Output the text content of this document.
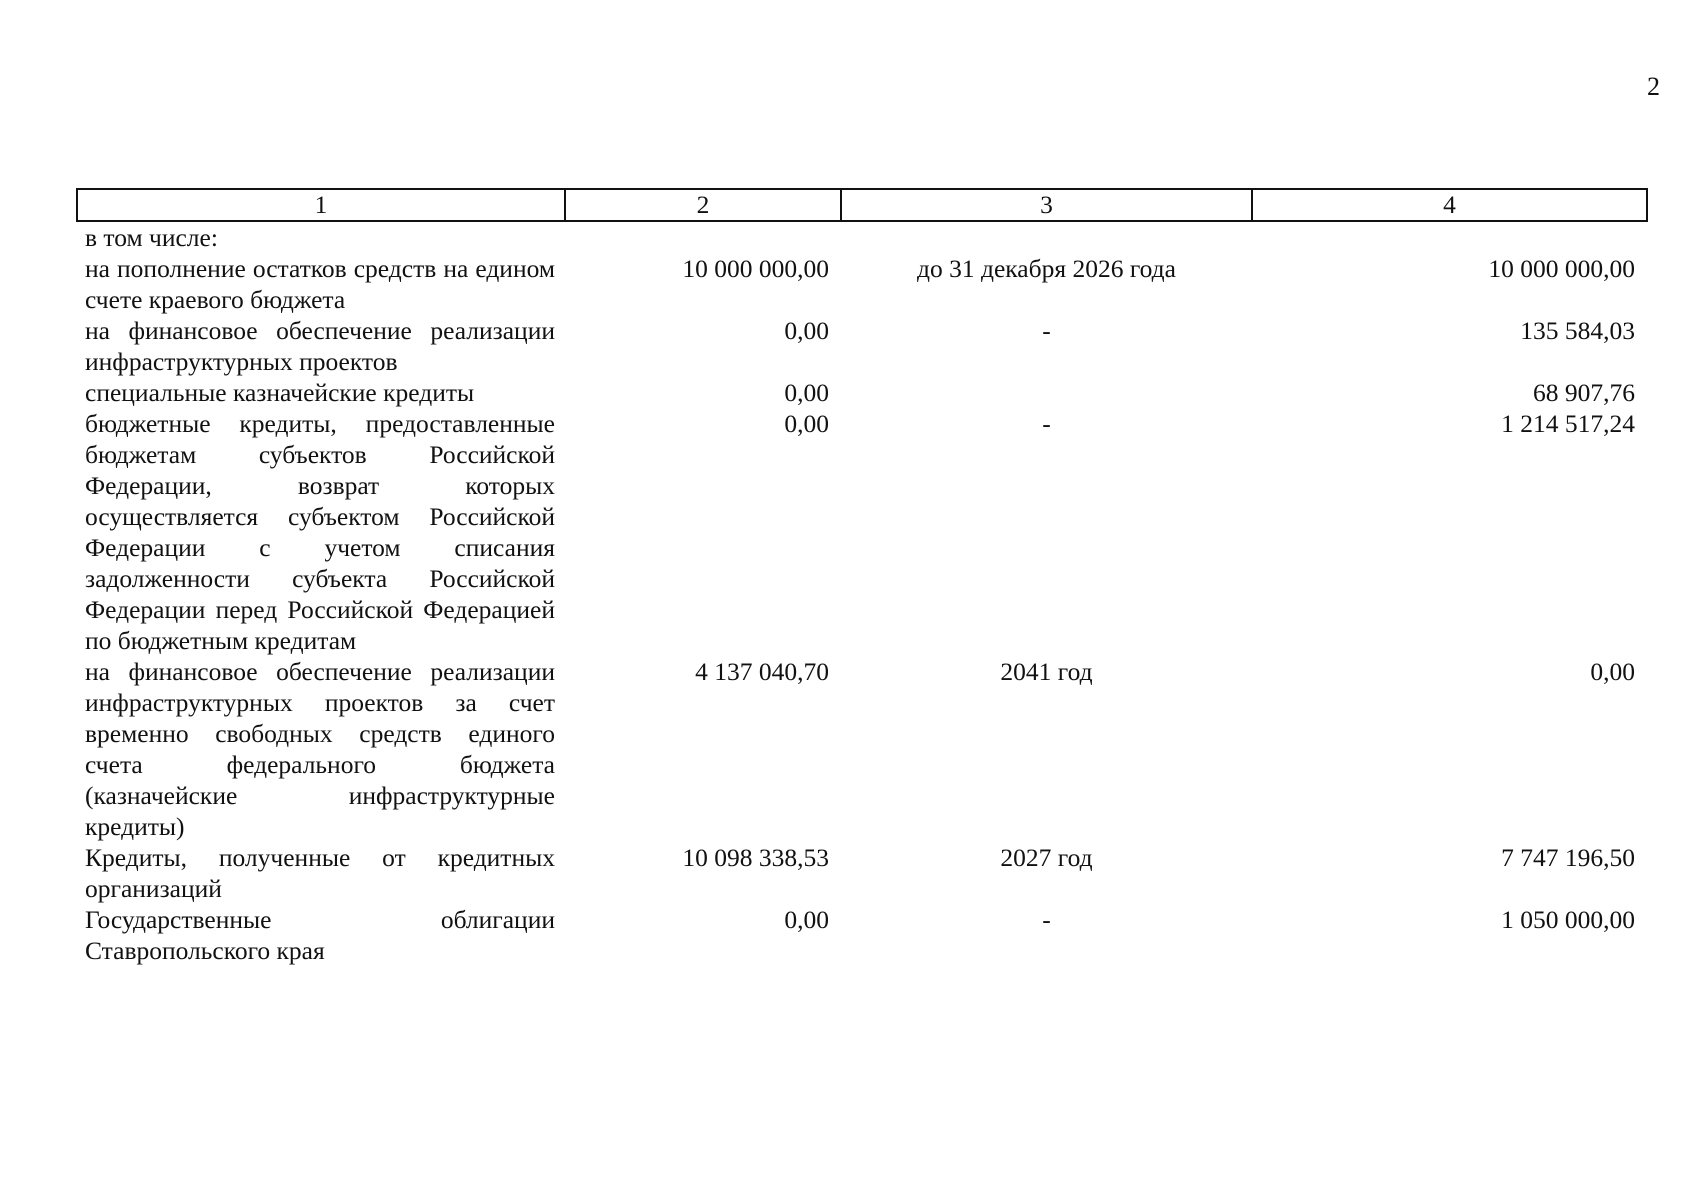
2
1	2	3	4

в том числе:
на пополнение остатков средств на едином счете краевого бюджета	10 000 000,00	до 31 декабря 2026 года	10 000 000,00
на финансовое обеспечение реализации инфраструктурных проектов	0,00	-	135 584,03
специальные казначейские кредиты	0,00		68 907,76
бюджетные кредиты, предоставленные бюджетам субъектов Российской Федерации, возврат которых осуществляется субъектом Российской Федерации с учетом списания задолженности субъекта Российской Федерации перед Российской Федерацией по бюджетным кредитам	0,00	-	1 214 517,24
на финансовое обеспечение реализации инфраструктурных проектов за счет временно свободных средств единого счета федерального бюджета (казначейские инфраструктурные кредиты)	4 137 040,70	2041 год	0,00
Кредиты, полученные от кредитных организаций	10 098 338,53	2027 год	7 747 196,50
Государственные облигации Ставропольского края	0,00	-	1 050 000,00
